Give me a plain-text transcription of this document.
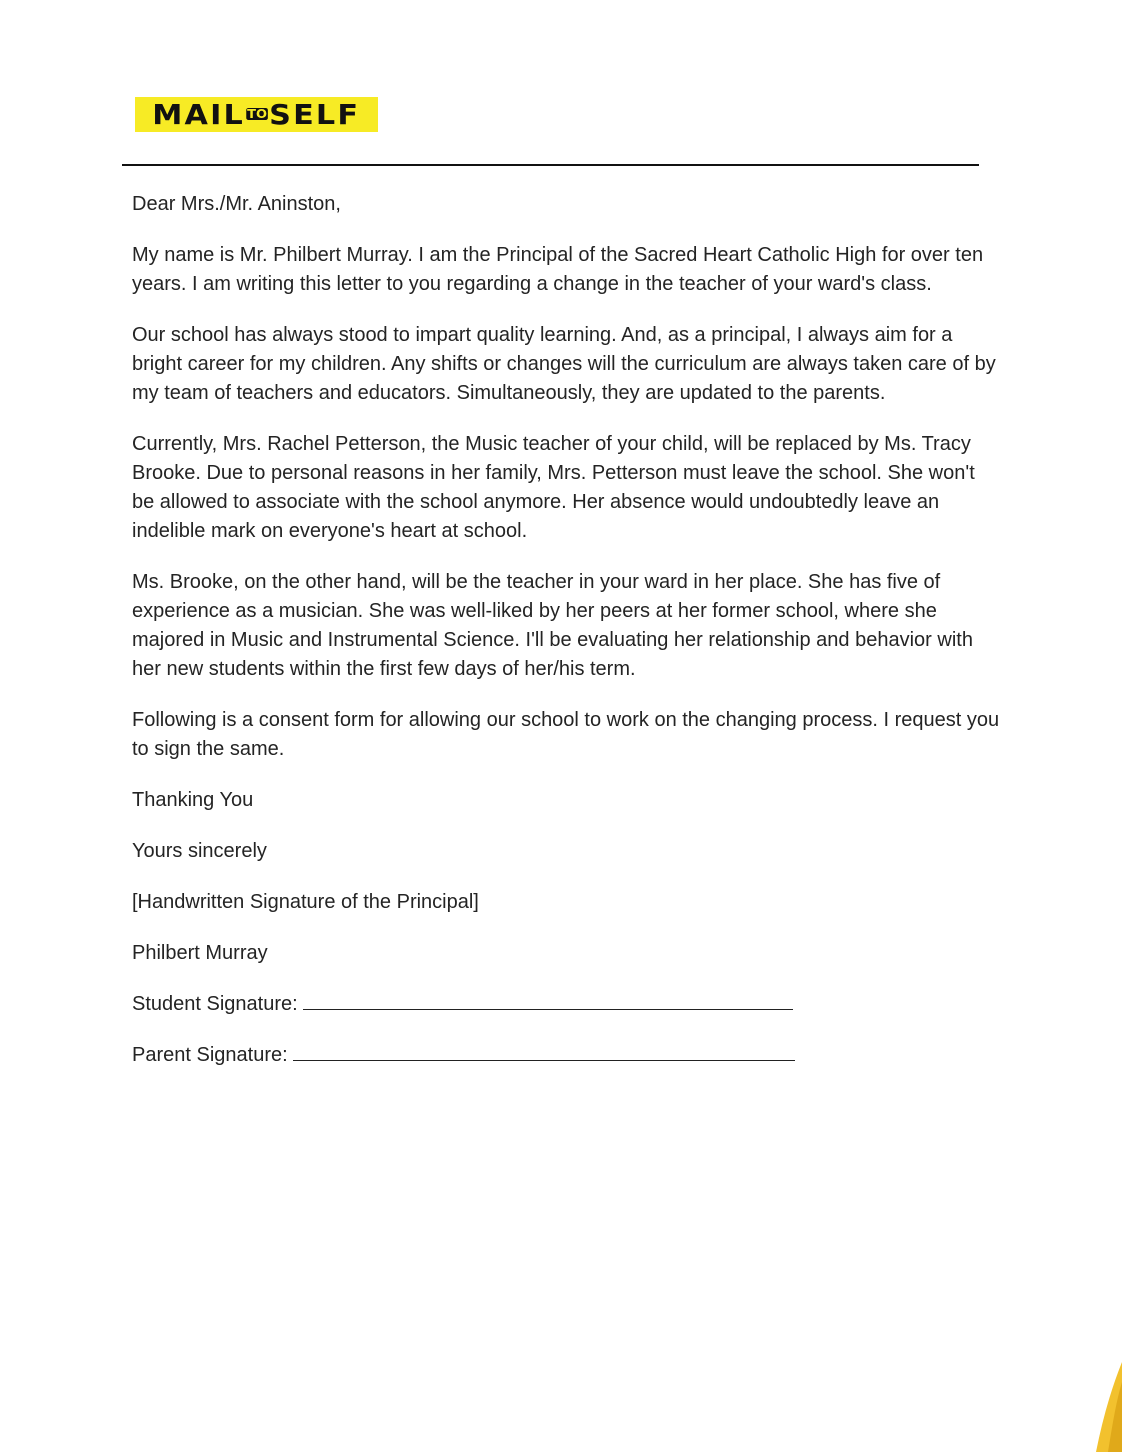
MAIL TOSELF

Dear Mrs./Mr. Aninston,

My name is Mr. Philbert Murray. I am the Principal of the Sacred Heart Catholic High for over ten years. I am writing this letter to you regarding a change in the teacher of your ward's class.

Our school has always stood to impart quality learning. And, as a principal, I always aim for a bright career for my children. Any shifts or changes will the curriculum are always taken care of by my team of teachers and educators. Simultaneously, they are updated to the parents.

Currently, Mrs. Rachel Petterson, the Music teacher of your child, will be replaced by Ms. Tracy Brooke. Due to personal reasons in her family, Mrs. Petterson must leave the school. She won't be allowed to associate with the school anymore. Her absence would undoubtedly leave an indelible mark on everyone's heart at school.

Ms. Brooke, on the other hand, will be the teacher in your ward in her place. She has five of experience as a musician. She was well-liked by her peers at her former school, where she majored in Music and Instrumental Science. I'll be evaluating her relationship and behavior with her new students within the first few days of her/his term.

Following is a consent form for allowing our school to work on the changing process. I request you to sign the same.

Thanking You

Yours sincerely

[Handwritten Signature of the Principal]

Philbert Murray

Student Signature:

Parent Signature:
